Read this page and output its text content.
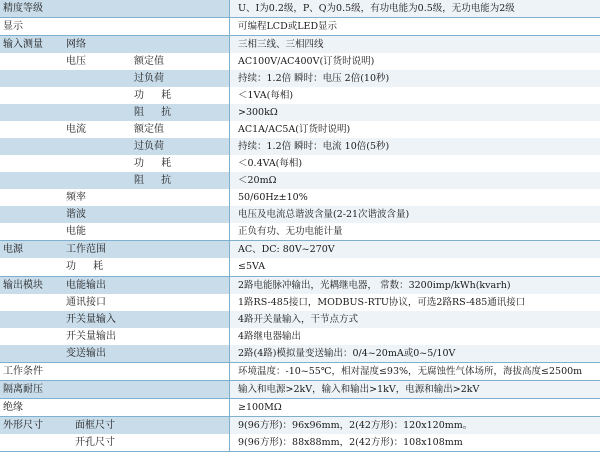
精度等级			U、I为0.2级，P、Q为0.5级，有功电能为0.5级，无功电能为2级
显示			可编程LCD或LED显示
输入测量	网络		三相三线、三相四线
	电压	额定值	AC100V/AC400V(订货时说明)
		过负荷	持续：1.2倍 瞬时：电压 2倍(10秒)
		功 耗	＜1VA(每相)
		阻 抗	>300kΩ
	电流	额定值	AC1A/AC5A(订货时说明)
		过负荷	持续：1.2倍 瞬时：电流 10倍(5秒)
		功 耗	＜0.4VA(每相)
		阻 抗	＜20mΩ
	频率		50/60Hz±10%
	谐波		电压及电流总谐波含量(2-21次谐波含量)
	电能		正负有功、无功电能计量
电源	工作范围		AC、DC: 80V~270V
	功 耗		≤5VA
输出模块	电能输出		2路电能脉冲输出，光耦继电器， 常数：3200imp/kWh(kvarh)
	通讯接口		1路RS-485接口，MODBUS-RTU协议，可选2路RS-485通讯接口
	开关量输入		4路开关量输入，干节点方式
	开关量输出		4路继电器输出
	变送输出		2路(4路)模拟量变送输出：0/4~20mA或0~5/10V
工作条件			环境温度：-10~55℃，相对湿度≤93%，无腐蚀性气体场所，海拔高度≤2500m
隔离耐压			输入和电源>2kV，输入和输出>1kV，电源和输出>2kV
绝缘			≥100MΩ
外形尺寸	面框尺寸		9(96方形)：96x96mm，2(42方形)：120x120mm。
	开孔尺寸		9(96方形)：88x88mm，2(42方形)：108x108mm
